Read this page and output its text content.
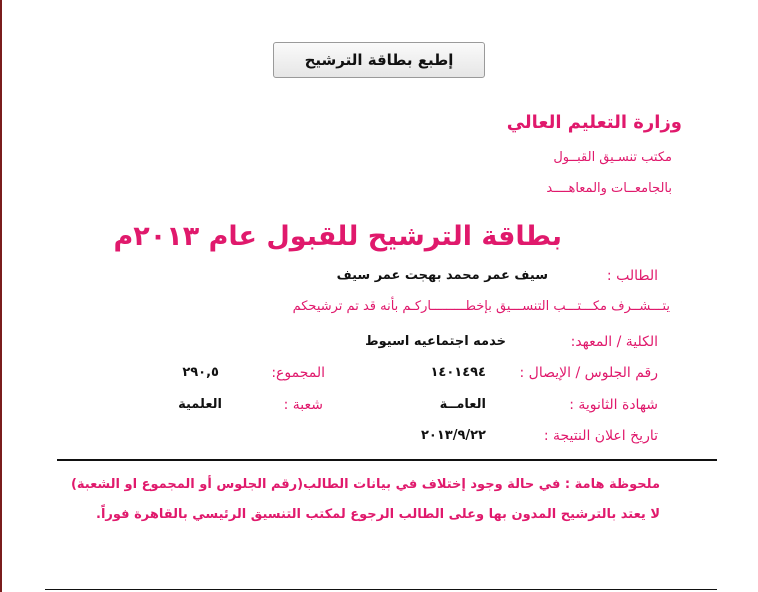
إطبع بطاقة الترشيح
وزارة التعليم العالي
مكتب تنسـيق القبــول
بالجامعــات والمعاهــــد
بطاقة الترشيح للقبول عام ٢٠١٣م
الطالب :
سيف عمر محمد بهجت عمر سيف
يتـــشــرف مكـــتـــب التنســـيق بإخطـــــــــاركـم بأنه قد تم ترشيحكم
الكلية / المعهد:
خدمه اجتماعيه اسيوط
رقم الجلوس / الإيصال :
١٤٠١٤٩٤
المجموع:
٢٩٠,٥
شهادة الثانوية :
العامــة
شعبة :
العلمية
تاريخ اعلان النتيجة :
٢٠١٣/٩/٢٢
ملحوظة هامة : في حالة وجود إختلاف في بيانات الطالب(رقم الجلوس أو المجموع او الشعبة)
لا يعتد بالترشيح المدون بها وعلى الطالب الرجوع لمكتب التنسيق الرئيسي بالقاهرة فوراً.
